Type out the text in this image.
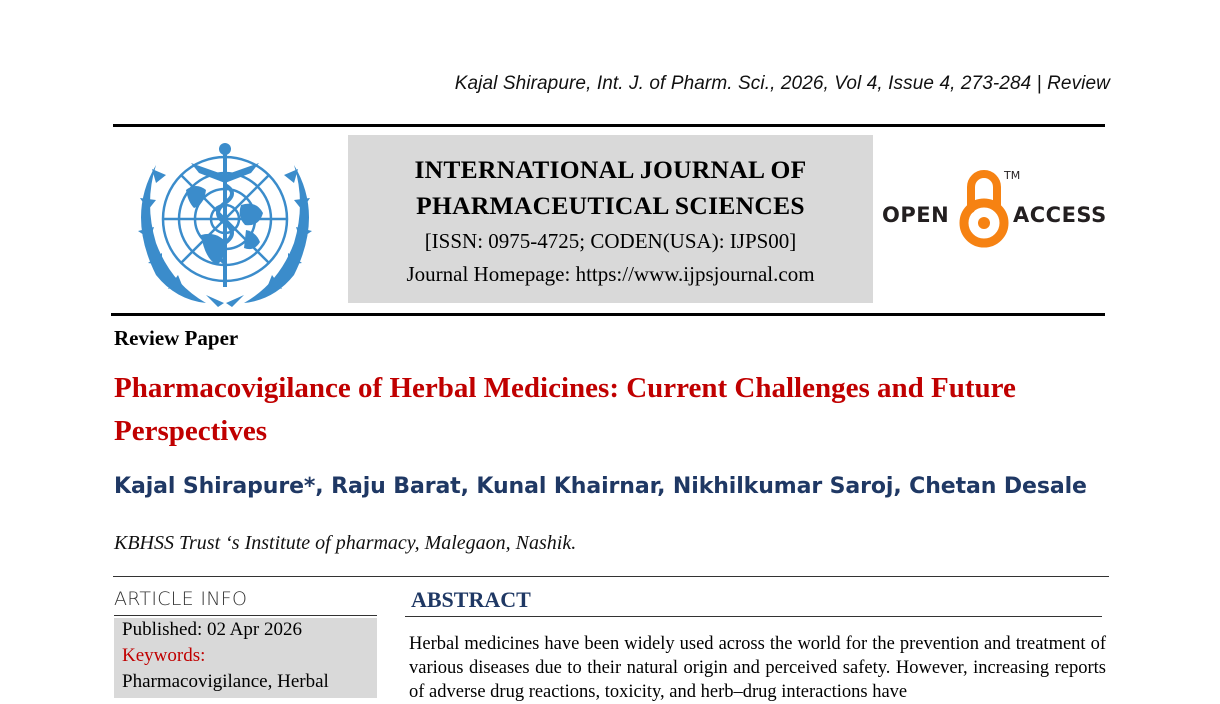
Kajal Shirapure, Int. J. of Pharm. Sci., 2026, Vol 4, Issue 4, 273-284 | Review
INTERNATIONAL JOURNAL OF
PHARMACEUTICAL SCIENCES
[ISSN: 0975-4725; CODEN(USA): IJPS00]
Journal Homepage: https://www.ijpsjournal.com
OPEN
TM
ACCESS
Review Paper
Pharmacovigilance of Herbal Medicines: Current Challenges and Future Perspectives
Kajal Shirapure*, Raju Barat, Kunal Khairnar, Nikhilkumar Saroj, Chetan Desale
KBHSS Trust ‘s Institute of pharmacy, Malegaon, Nashik.
ARTICLE INFO
Published: 02 Apr 2026
Keywords:
Pharmacovigilance, Herbal
ABSTRACT
Herbal medicines have been widely used across the world for the prevention and treatment of various diseases due to their natural origin and perceived safety. However, increasing reports of adverse drug reactions, toxicity, and herb–drug interactions have
